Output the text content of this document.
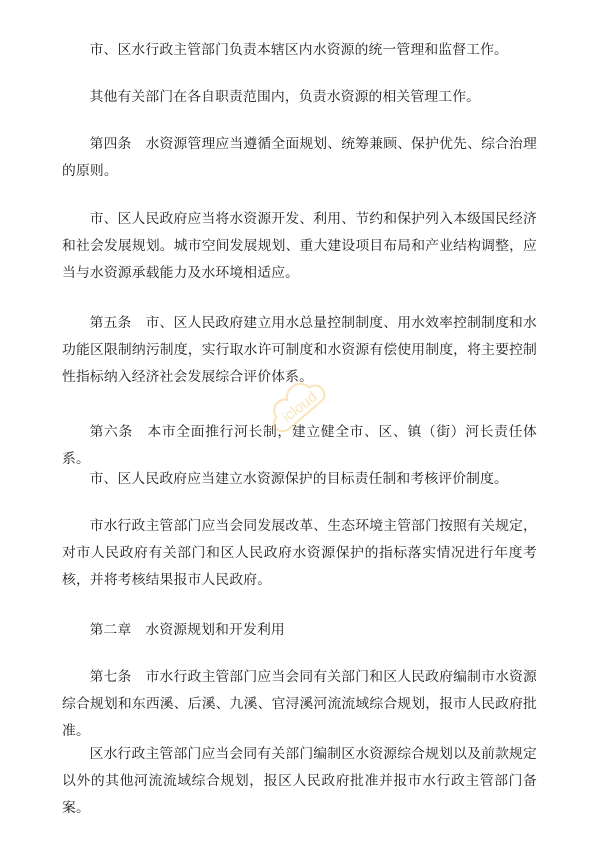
市、区水行政主管部门负责本辖区内水资源的统一管理和监督工作。

其他有关部门在各自职责范围内，负责水资源的相关管理工作。

第四条　水资源管理应当遵循全面规划、统筹兼顾、保护优先、综合治理的原则。

市、区人民政府应当将水资源开发、利用、节约和保护列入本级国民经济和社会发展规划。城市空间发展规划、重大建设项目布局和产业结构调整，应当与水资源承载能力及水环境相适应。

第五条　市、区人民政府建立用水总量控制制度、用水效率控制制度和水功能区限制纳污制度，实行取水许可制度和水资源有偿使用制度，将主要控制性指标纳入经济社会发展综合评价体系。

第六条　本市全面推行河长制，建立健全市、区、镇（街）河长责任体系。

市、区人民政府应当建立水资源保护的目标责任制和考核评价制度。

市水行政主管部门应当会同发展改革、生态环境主管部门按照有关规定，对市人民政府有关部门和区人民政府水资源保护的指标落实情况进行年度考核，并将考核结果报市人民政府。

第二章　水资源规划和开发利用

第七条　市水行政主管部门应当会同有关部门和区人民政府编制市水资源综合规划和东西溪、后溪、九溪、官浔溪河流流域综合规划，报市人民政府批准。

区水行政主管部门应当会同有关部门编制区水资源综合规划以及前款规定以外的其他河流流域综合规划，报区人民政府批准并报市水行政主管部门备案。

icloud
